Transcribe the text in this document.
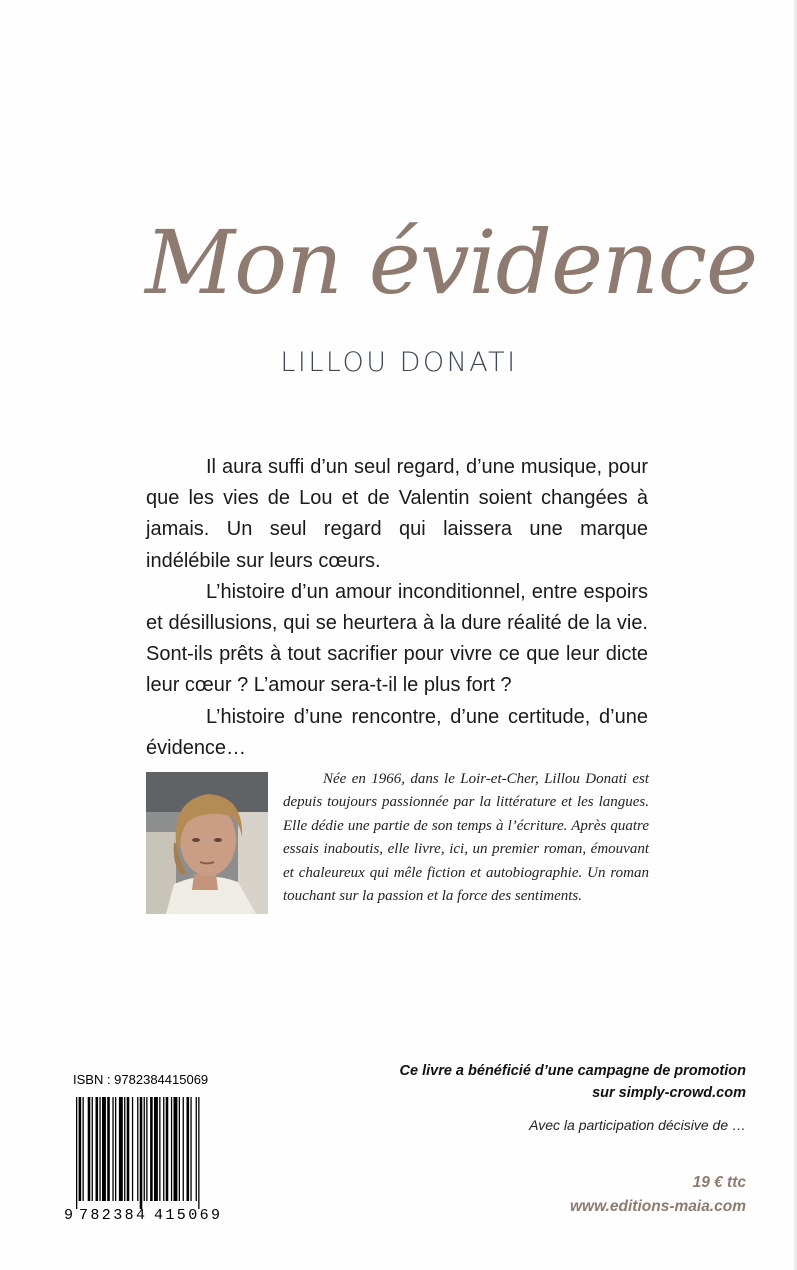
Mon évidence
LILLOU DONATI

Il aura suffi d’un seul regard, d’une musique, pour que les vies de Lou et de Valentin soient changées à jamais. Un seul regard qui laissera une marque indélébile sur leurs cœurs.

L’histoire d’un amour inconditionnel, entre espoirs et désillusions, qui se heurtera à la dure réalité de la vie. Sont-ils prêts à tout sacrifier pour vivre ce que leur dicte leur cœur ? L’amour sera-t-il le plus fort ?

L’histoire d’une rencontre, d’une certitude, d’une évidence…

Née en 1966, dans le Loir-et-Cher, Lillou Donati est depuis toujours passionnée par la littérature et les langues. Elle dédie une partie de son temps à l’écriture. Après quatre essais inaboutis, elle livre, ici, un premier roman, émouvant et chaleureux qui mêle fiction et autobiographie. Un roman touchant sur la passion et la force des sentiments.

ISBN : 9782384415069
9 782384 415069
Ce livre a bénéficié d’une campagne de promotion
sur simply-crowd.com
Avec la participation décisive de …
19 € ttc
www.editions-maia.com
